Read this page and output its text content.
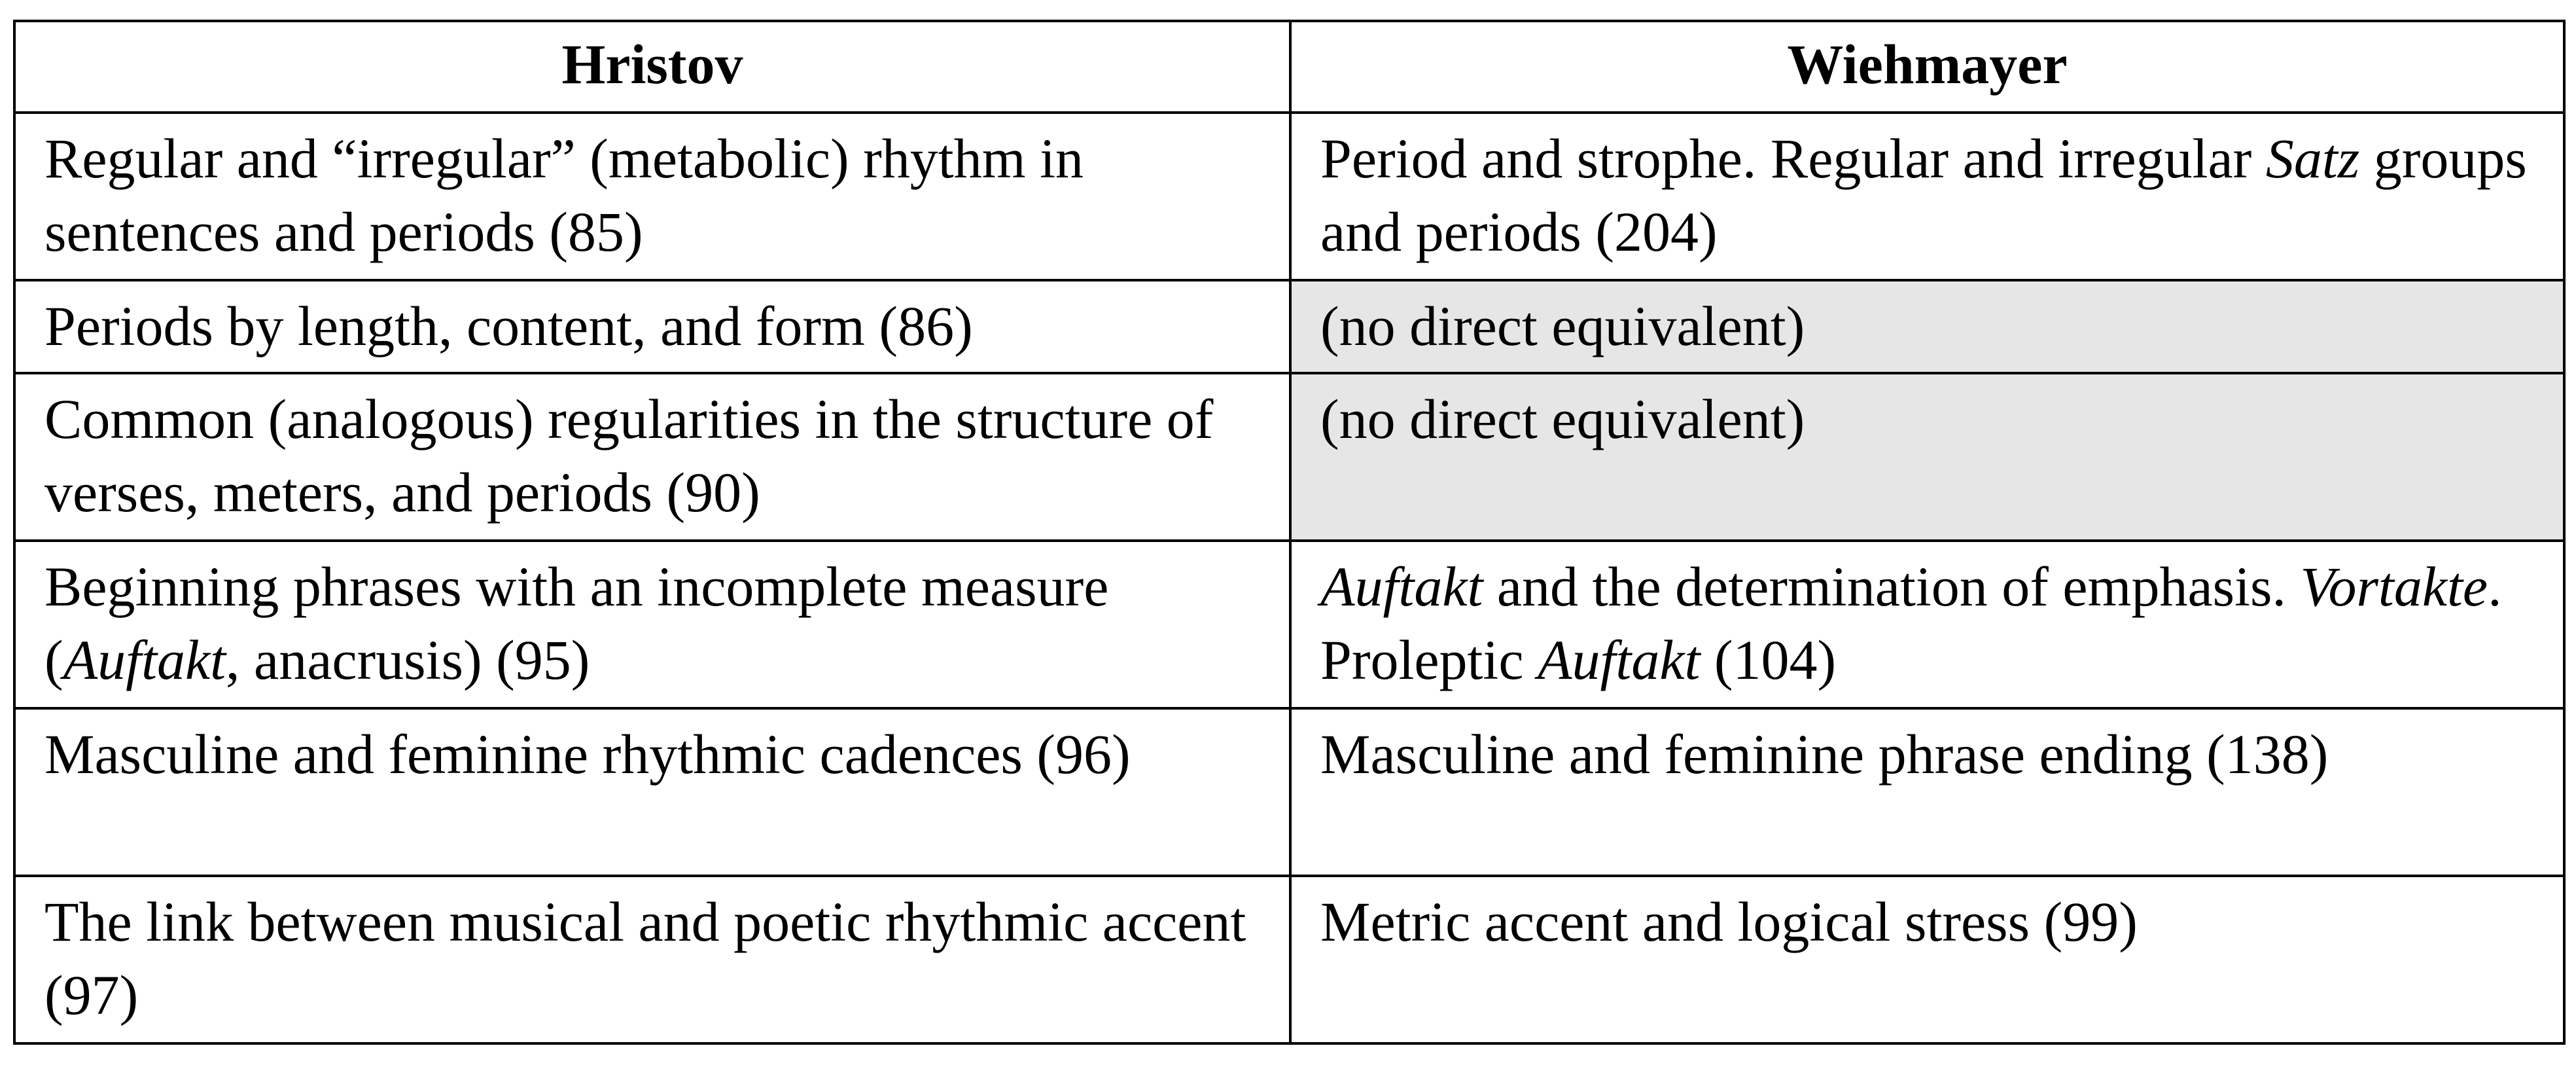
Hristov	Wiehmayer
Regular and “irregular” (metabolic) rhythm in sentences and periods (85)	Period and strophe. Regular and irregular Satz groups and periods (204)
Periods by length, content, and form (86)	(no direct equivalent)
Common (analogous) regularities in the structure of verses, meters, and periods (90)	(no direct equivalent)
Beginning phrases with an incomplete measure (Auftakt, anacrusis) (95)	Auftakt and the determination of emphasis. Vortakte. Proleptic Auftakt (104)
Masculine and feminine rhythmic cadences (96)	Masculine and feminine phrase ending (138)
The link between musical and poetic rhythmic accent (97)	Metric accent and logical stress (99)
